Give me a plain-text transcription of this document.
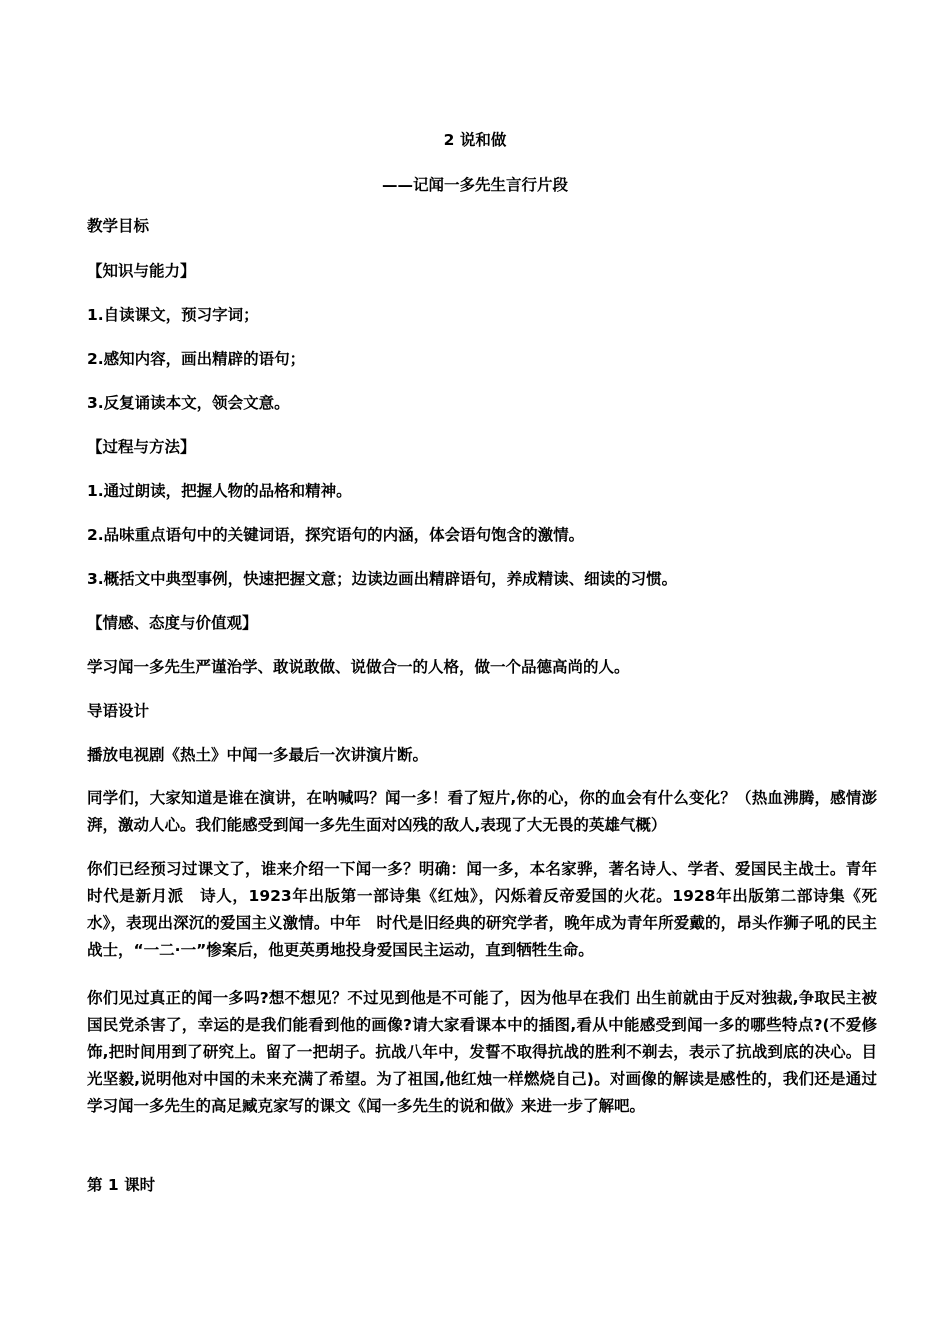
2 说和做
——记闻一多先生言行片段
教学目标
【知识与能力】
1.自读课文，预习字词；
2.感知内容，画出精辟的语句；
3.反复诵读本文，领会文意。
【过程与方法】
1.通过朗读，把握人物的品格和精神。
2.品味重点语句中的关键词语，探究语句的内涵，体会语句饱含的激情。
3.概括文中典型事例，快速把握文意；边读边画出精辟语句，养成精读、细读的习惯。
【情感、态度与价值观】
学习闻一多先生严谨治学、敢说敢做、说做合一的人格，做一个品德高尚的人。
导语设计
播放电视剧《热土》中闻一多最后一次讲演片断。
同学们，大家知道是谁在演讲，在呐喊吗？闻一多！看了短片,你的心，你的血会有什么变化？（热血沸腾，感情澎湃，激动人心。我们能感受到闻一多先生面对凶残的敌人,表现了大无畏的英雄气概）
你们已经预习过课文了，谁来介绍一下闻一多？明确：闻一多，本名家骅，著名诗人、学者、爱国民主战士。青年时代是新月派　诗人，1923年出版第一部诗集《红烛》，闪烁着反帝爱国的火花。1928年出版第二部诗集《死水》，表现出深沉的爱国主义激情。中年　时代是旧经典的研究学者，晚年成为青年所爱戴的，昂头作狮子吼的民主战士，“一二·一”惨案后，他更英勇地投身爱国民主运动，直到牺牲生命。
你们见过真正的闻一多吗?想不想见？不过见到他是不可能了，因为他早在我们 出生前就由于反对独裁,争取民主被国民党杀害了，幸运的是我们能看到他的画像?请大家看课本中的插图,看从中能感受到闻一多的哪些特点?(不爱修饰,把时间用到了研究上。留了一把胡子。抗战八年中，发誓不取得抗战的胜利不剃去，表示了抗战到底的决心。目光坚毅,说明他对中国的未来充满了希望。为了祖国,他红烛一样燃烧自己)。对画像的解读是感性的，我们还是通过学习闻一多先生的高足臧克家写的课文《闻一多先生的说和做》来进一步了解吧。
第 1 课时
